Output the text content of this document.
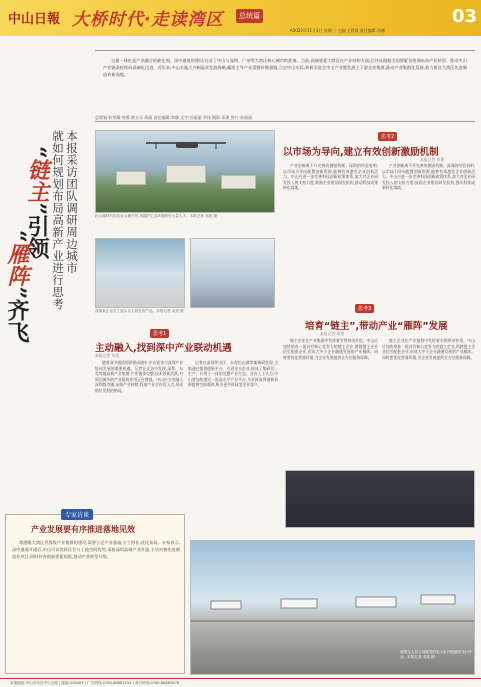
中山日報 大桥时代·走读湾区	总统篇	03
A2022年11月3日 星期三 主编:王晨霞 责任编辑:李娜

交通一体化是产业融合的催化剂。深中通道的建设,在近了中山与深圳、广州等大湾区核心城市的距离。当前,高端要素大湾区在产业结构方面,已经从根据全国要素各类调布向产业转型、推动中山产业链条持续向高端化迈进。近年来,中山实施大兴制造业发展战略,瞄准主导产业延链补链强链,立足中山实际,积极引进全市全产业链发展上下游企业集群,推动产业集群化发展,着力建设大湾区先进制造业新高地。

总策划:杜荣耀 统筹:黄方乐 蒋丽 责任编辑:李娜 文字:苏丽丽 李伟 摄影:邓建 图片:苏丽丽
本报采访团队调研周边城市
就如何规划布局高新产业进行思考
“链主”引领
“雁阵”齐飞
松山湖材料实验室大楼外景,优越的生态环境吸引大量人才。本报记者 邓建 摄
思考2
以市场为导向,建立有效创新激励机制
本报记者 邓建
产业创新离不开完善的激励机制。深圳的经验表明,以市场为导向配置创新资源,能够有效激发企业创新活力。中山应进一步完善科技创新政策体系,加大对企业研发投入的支持力度,鼓励企业建设研发机构,推动科技成果转化落地。
产业创新离不开完善的激励机制。深圳的经验表明,以市场为导向配置创新资源,能够有效激发企业创新活力。中山应进一步完善科技创新政策体系,加大对企业研发投入的支持力度,鼓励企业建设研发机构,推动科技成果转化落地。
深圳某企业员工展示自主研发的产品。本报记者 邓建 摄	思考3
培育“链主”,带动产业“雁阵”发展
本报记者 邓建
链主企业在产业集群中发挥着引领带动作用。中山应加快培育一批具有核心竞争力的链主企业,围绕链主企业招引配套企业,形成大中小企业融通发展的产业雁阵。同时要优化营商环境,为企业发展提供全方位服务保障。
链主企业在产业集群中发挥着引领带动作用。中山应加快培育一批具有核心竞争力的链主企业,围绕链主企业招引配套企业,形成大中小企业融通发展的产业雁阵。同时要优化营商环境,为企业发展提供全方位服务保障。
思考1
主动融入,找到深中产业联动机遇
本报记者 邓建
随着深中通道即将建成通车,中山迎来与深圳产业协同发展的重要机遇。记者在走访中发现,深圳、东莞等地高新产业集聚,产业链条完整,技术创新活跃,对周边城市的产业辐射作用正在增强。中山应主动融入深圳都市圈,承接产业转移,找准产业合作切入点,形成错位发展的格局。
记者在深圳坪山区、东莞松山湖等地调研发现,当地通过搭建创新平台、引进龙头企业,形成了集研发、生产、应用于一体的完整产业生态。业内人士认为,中山要加快建设一批高水平产业平台,为承接深圳创新资源提供空间载体,吸引更多科技型企业落户。
专家访谈
产业发展要有序推进落地见效
粤港澳大湾区世界级产业集群的建设,需要立足产业基础,分工协作,优化布局。专家表示,深中通道开通后,中山可以发挥区位与土地空间优势,承接深圳高端产业外溢,主动对接先进制造业项目,同时补齐创新要素短板,推动产业转型升级。
深圳无人机公司研发的无人机开展测试飞行作业。本报记者 邓建 摄
本报地址:中山市东区中山五路 | 邮编:528403 | 广告热线:0760-88881234 | 发行热线:0760-88885678
